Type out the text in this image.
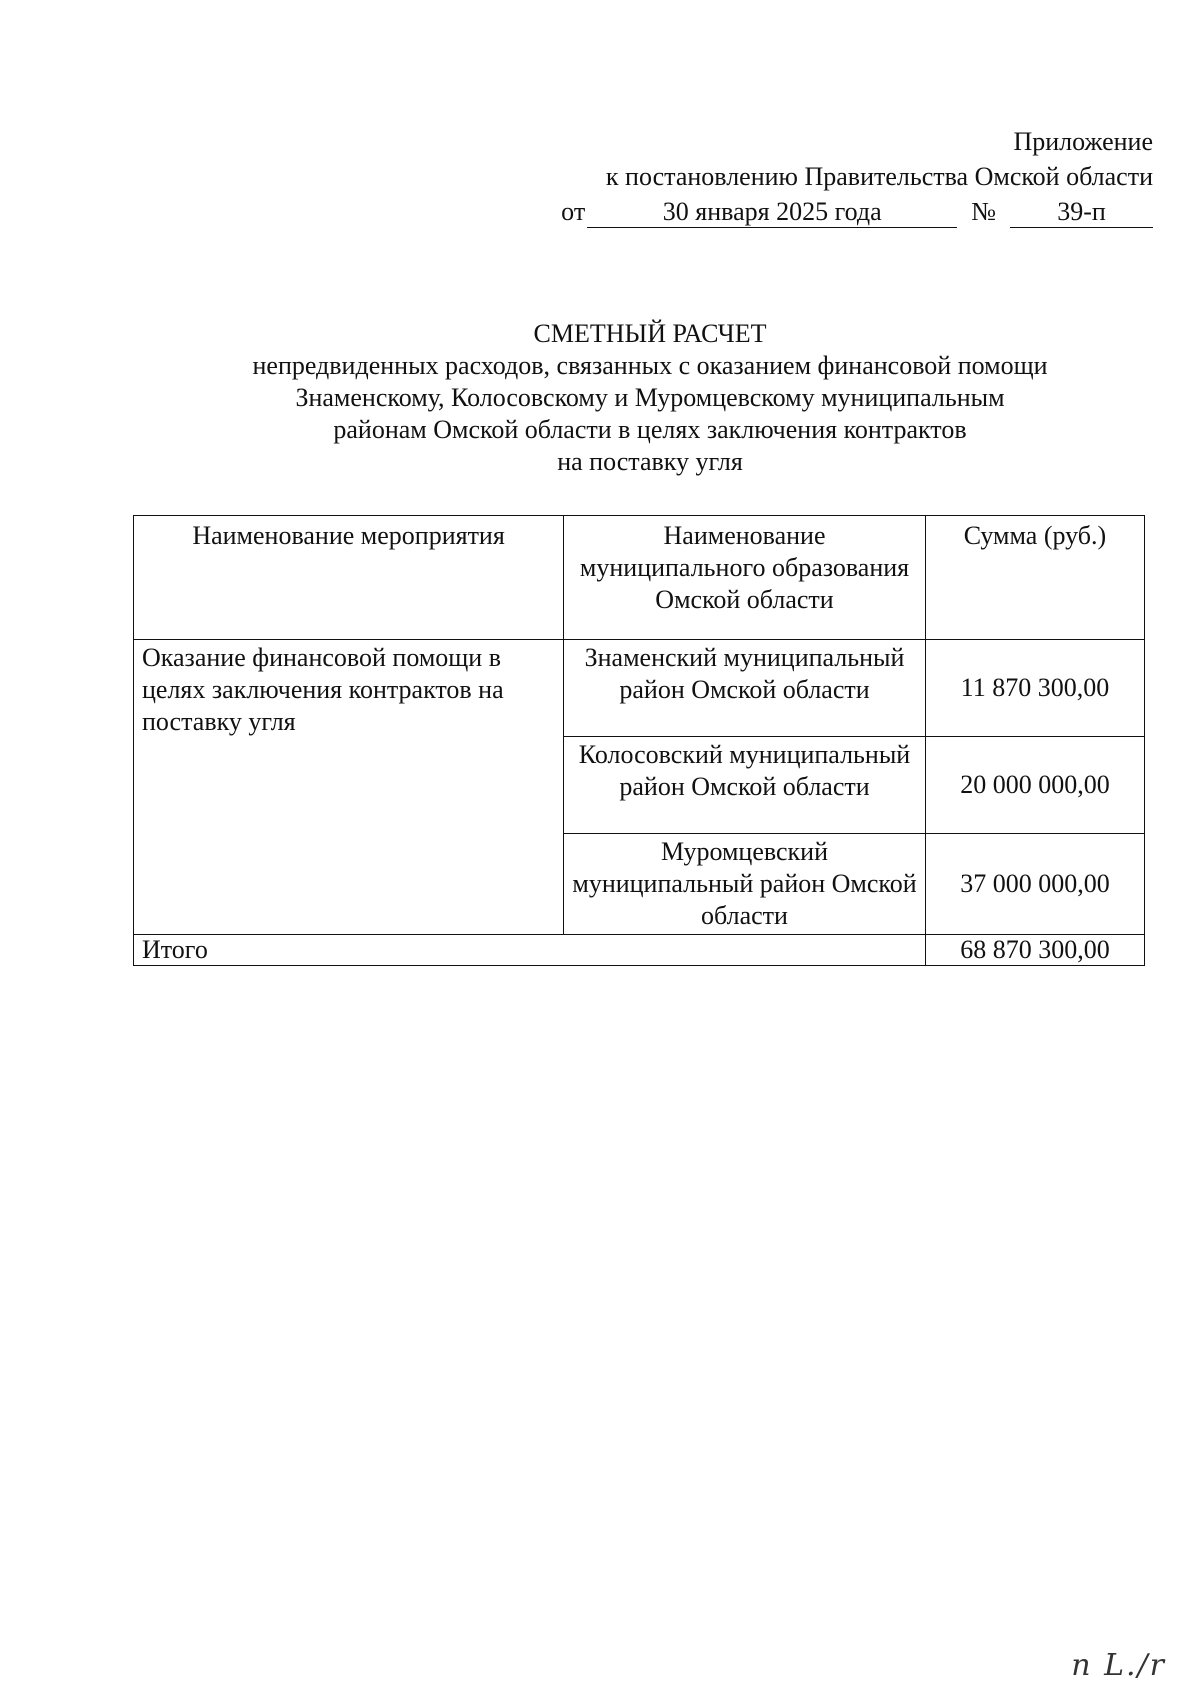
Приложение
к постановлению Правительства Омской области
от	30 января 2025 года	№	39-п
СМЕТНЫЙ РАСЧЕТ
непредвиденных расходов, связанных с оказанием финансовой помощи
Знаменскому, Колосовскому и Муромцевскому муниципальным
районам Омской области в целях заключения контрактов
на поставку угля
Наименование мероприятия	Наименование муниципального образования Омской области	Сумма (руб.)
Оказание финансовой помощи в целях заключения контрактов на поставку угля	Знаменский муниципальный район Омской области	11 870 300,00
	Колосовский муниципальный район Омской области	20 000 000,00
	Муромцевский муниципальный район Омской области	37 000 000,00
Итого		68 870 300,00
n L./r
